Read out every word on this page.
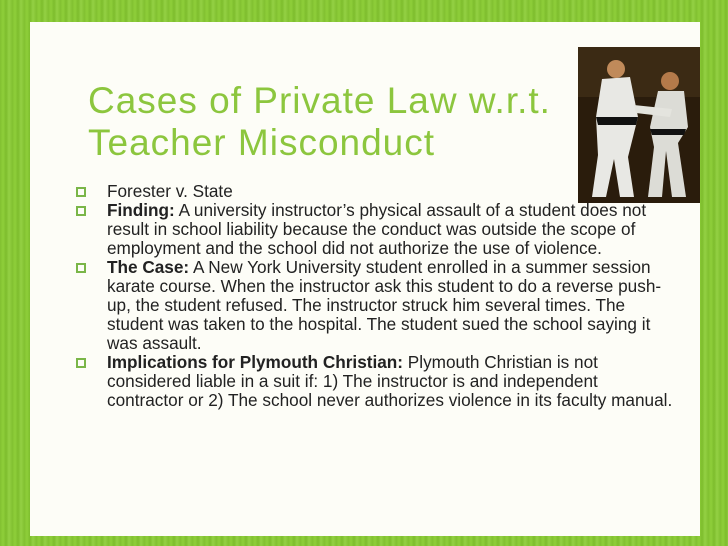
Cases of Private Law w.r.t.
Teacher Misconduct
Forester v. State
Finding: A university instructor’s physical assault of a student does not result in school liability because the conduct was outside the scope of employment and the school did not authorize the use of violence.
The Case: A New York University student enrolled in a summer session karate course. When the instructor ask this student to do a reverse push-up, the student refused. The instructor struck him several times. The student was taken to the hospital. The student sued the school saying it was assault.
Implications for Plymouth Christian: Plymouth Christian is not considered liable in a suit if: 1) The instructor is and independent contractor or 2) The school never authorizes violence in its faculty manual.
